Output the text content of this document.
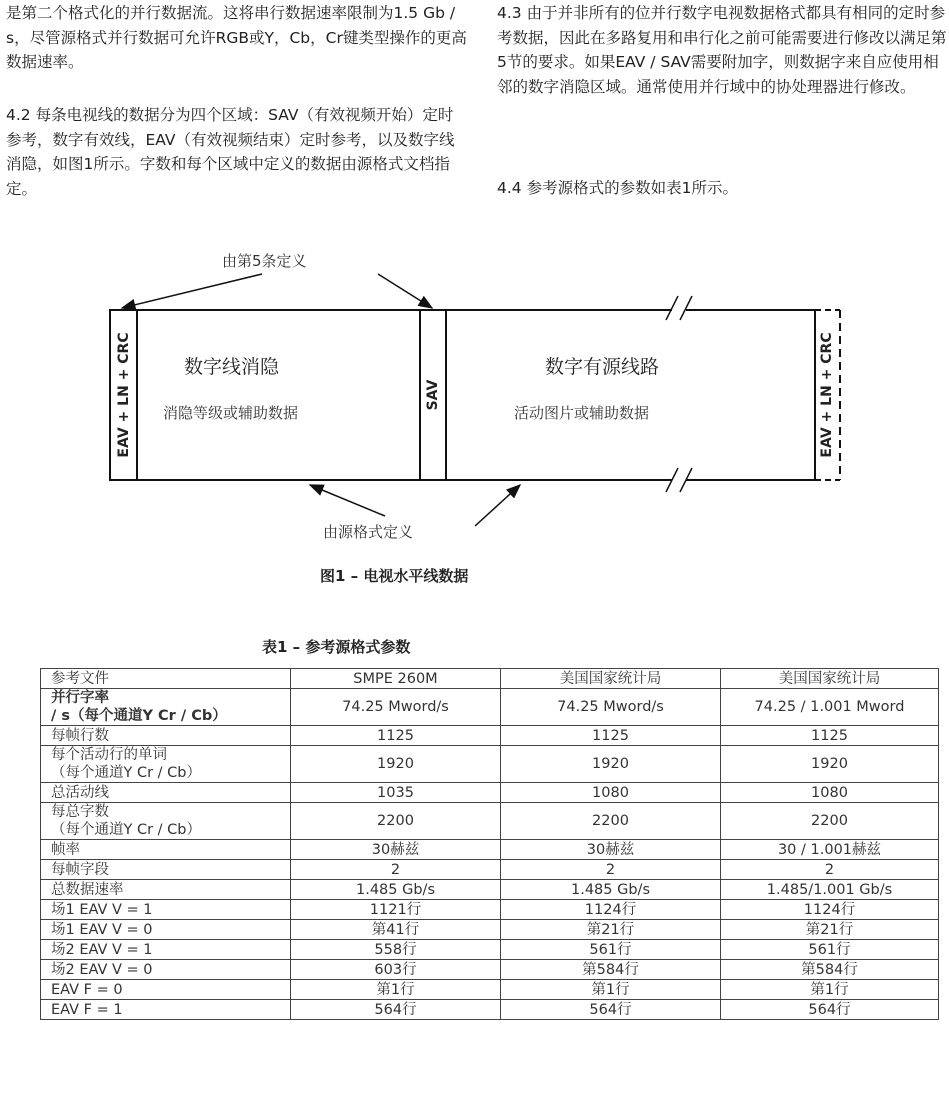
是第二个格式化的并行数据流。这将串行数据速率限制为1.5 Gb / s，尽管源格式并行数据可允许RGB或Y，Cb，Cr键类型操作的更高数据速率。

4.2 每条电视线的数据分为四个区域：SAV（有效视频开始）定时参考，数字有效线，EAV（有效视频结束）定时参考，以及数字线消隐，如图1所示。字数和每个区域中定义的数据由源格式文档指定。

4.3 由于并非所有的位并行数字电视数据格式都具有相同的定时参考数据，因此在多路复用和串行化之前可能需要进行修改以满足第5节的要求。如果EAV / SAV需要附加字，则数据字来自应使用相邻的数字消隐区域。通常使用并行域中的协处理器进行修改。

4.4 参考源格式的参数如表1所示。

由第5条定义
由源格式定义
EAV + LN + CRC	SAV	EAV + LN + CRC
数字线消隐
消隐等级或辅助数据
数字有源线路
活动图片或辅助数据
图1 – 电视水平线数据
表1 – 参考源格式参数
参考文件	SMPE 260M	美国国家统计局	美国国家统计局
并行字率
/ s（每个通道Y Cr / Cb）	74.25 Mword/s	74.25 Mword/s	74.25 / 1.001 Mword
每帧行数	1125	1125	1125
每个活动行的单词
（每个通道Y Cr / Cb）	1920	1920	1920
总活动线	1035	1080	1080
每总字数
（每个通道Y Cr / Cb）	2200	2200	2200
帧率	30赫兹	30赫兹	30 / 1.001赫兹
每帧字段	2	2	2
总数据速率	1.485 Gb/s	1.485 Gb/s	1.485/1.001 Gb/s
场1 EAV V = 1	1121行	1124行	1124行
场1 EAV V = 0	第41行	第21行	第21行
场2 EAV V = 1	558行	561行	561行
场2 EAV V = 0	603行	第584行	第584行
EAV F = 0	第1行	第1行	第1行
EAV F = 1	564行	564行	564行
